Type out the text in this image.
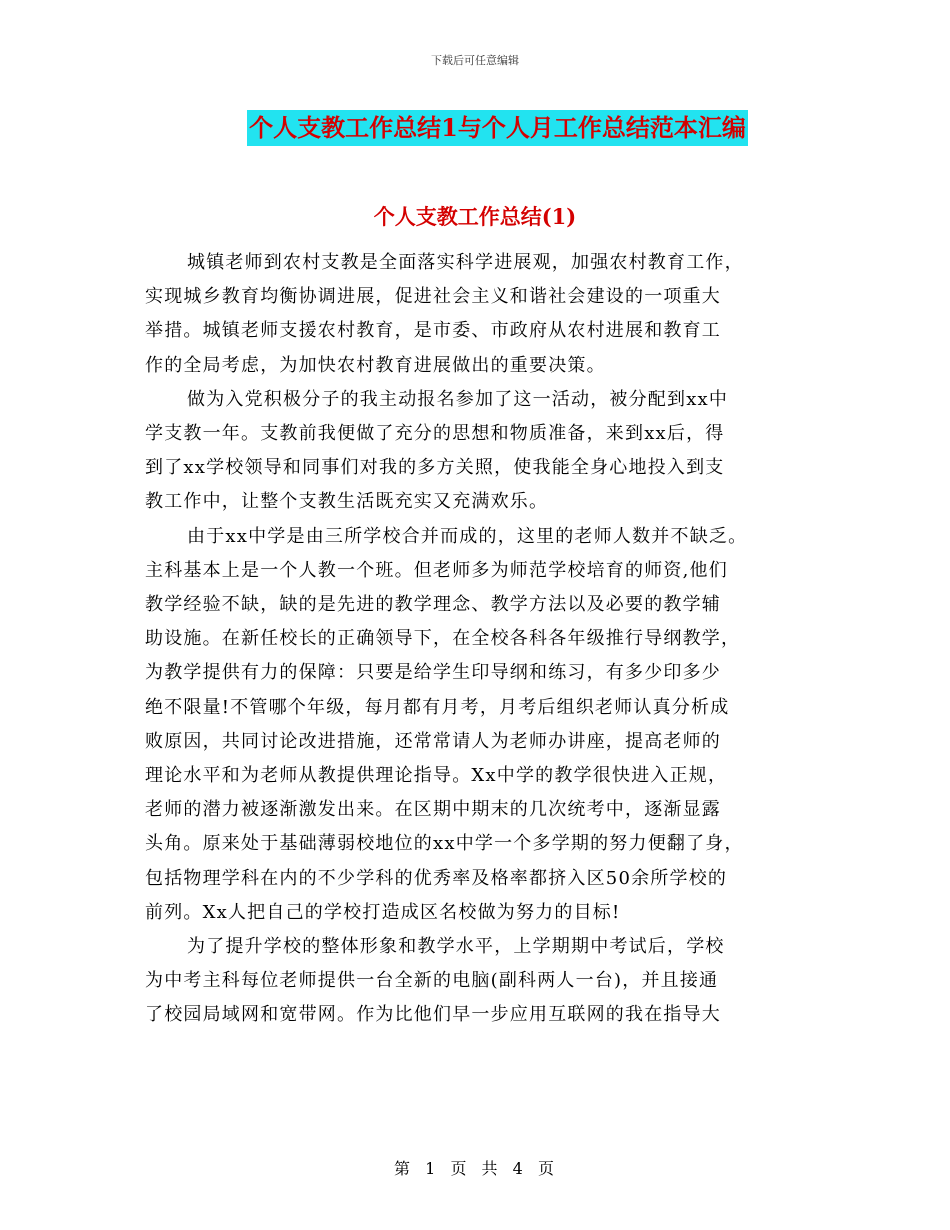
下载后可任意编辑
个人支教工作总结1与个人月工作总结范本汇编
个人支教工作总结(1)

城镇老师到农村支教是全面落实科学进展观，加强农村教育工作，
实现城乡教育均衡协调进展，促进社会主义和谐社会建设的一项重大
举措。城镇老师支援农村教育，是市委、市政府从农村进展和教育工
作的全局考虑，为加快农村教育进展做出的重要决策。

做为入党积极分子的我主动报名参加了这一活动，被分配到xx中
学支教一年。支教前我便做了充分的思想和物质准备，来到xx后，得
到了xx学校领导和同事们对我的多方关照，使我能全身心地投入到支
教工作中，让整个支教生活既充实又充满欢乐。

由于xx中学是由三所学校合并而成的，这里的老师人数并不缺乏。
主科基本上是一个人教一个班。但老师多为师范学校培育的师资,他们
教学经验不缺，缺的是先进的教学理念、教学方法以及必要的教学辅
助设施。在新任校长的正确领导下，在全校各科各年级推行导纲教学，
为教学提供有力的保障：只要是给学生印导纲和练习，有多少印多少
绝不限量!不管哪个年级，每月都有月考，月考后组织老师认真分析成
败原因，共同讨论改进措施，还常常请人为老师办讲座，提高老师的
理论水平和为老师从教提供理论指导。Xx中学的教学很快进入正规，
老师的潜力被逐渐激发出来。在区期中期末的几次统考中，逐渐显露
头角。原来处于基础薄弱校地位的xx中学一个多学期的努力便翻了身，
包括物理学科在内的不少学科的优秀率及格率都挤入区50余所学校的
前列。Xx人把自己的学校打造成区名校做为努力的目标!

为了提升学校的整体形象和教学水平，上学期期中考试后，学校
为中考主科每位老师提供一台全新的电脑(副科两人一台)，并且接通
了校园局域网和宽带网。作为比他们早一步应用互联网的我在指导大

第 1 页 共 4 页
